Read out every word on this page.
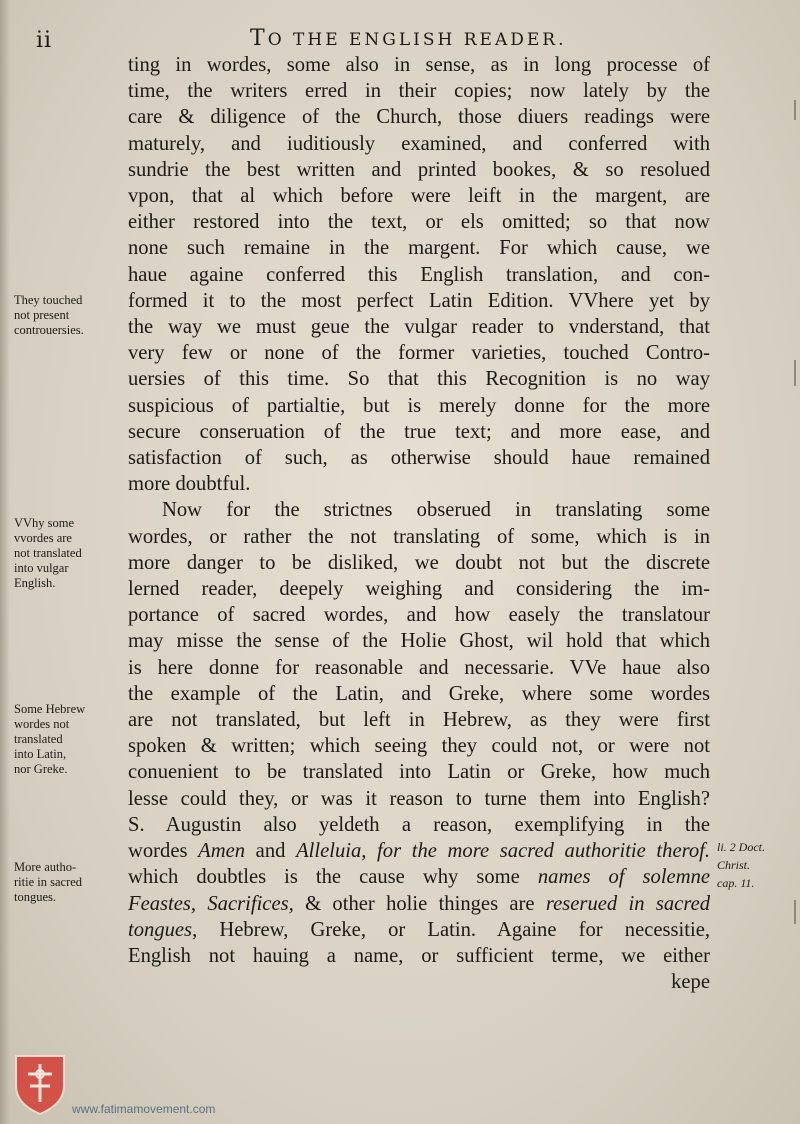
ii	TO THE ENGLISH READER.
ting in wordes, some also in sense, as in long processe of
time, the writers erred in their copies; now lately by the
care & diligence of the Church, those diuers readings were
maturely, and iuditiously examined, and conferred with
sundrie the best written and printed bookes, & so resolued
vpon, that al which before were leift in the margent, are
either restored into the text, or els omitted; so that now
none such remaine in the margent. For which cause, we
haue againe conferred this English translation, and con-
formed it to the most perfect Latin Edition. VVhere yet by
the way we must geue the vulgar reader to vnderstand, that
very few or none of the former varieties, touched Contro-
uersies of this time. So that this Recognition is no way
suspicious of partialtie, but is merely donne for the more
secure conseruation of the true text; and more ease, and
satisfaction of such, as otherwise should haue remained
more doubtful.
Now for the strictnes obserued in translating some
wordes, or rather the not translating of some, which is in
more danger to be disliked, we doubt not but the discrete
lerned reader, deepely weighing and considering the im-
portance of sacred wordes, and how easely the translatour
may misse the sense of the Holie Ghost, wil hold that which
is here donne for reasonable and necessarie. VVe haue also
the example of the Latin, and Greke, where some wordes
are not translated, but left in Hebrew, as they were first
spoken & written; which seeing they could not, or were not
conuenient to be translated into Latin or Greke, how much
lesse could they, or was it reason to turne them into English?
S. Augustin also yeldeth a reason, exemplifying in the
wordes Amen and Alleluia, for the more sacred authoritie therof.
which doubtles is the cause why some names of solemne
Feastes, Sacrifices, & other holie thinges are reserued in sacred
tongues, Hebrew, Greke, or Latin. Againe for necessitie,
English not hauing a name, or sufficient terme, we either
kepe
They touched
not present
controuersies.
VVhy some
vvordes are
not translated
into vulgar
English.
Some Hebrew
wordes not
translated
into Latin,
nor Greke.
More autho-
ritie in sacred
tongues.
li. 2 Doct.
Christ.
cap. 11.
www.fatimamovement.com
